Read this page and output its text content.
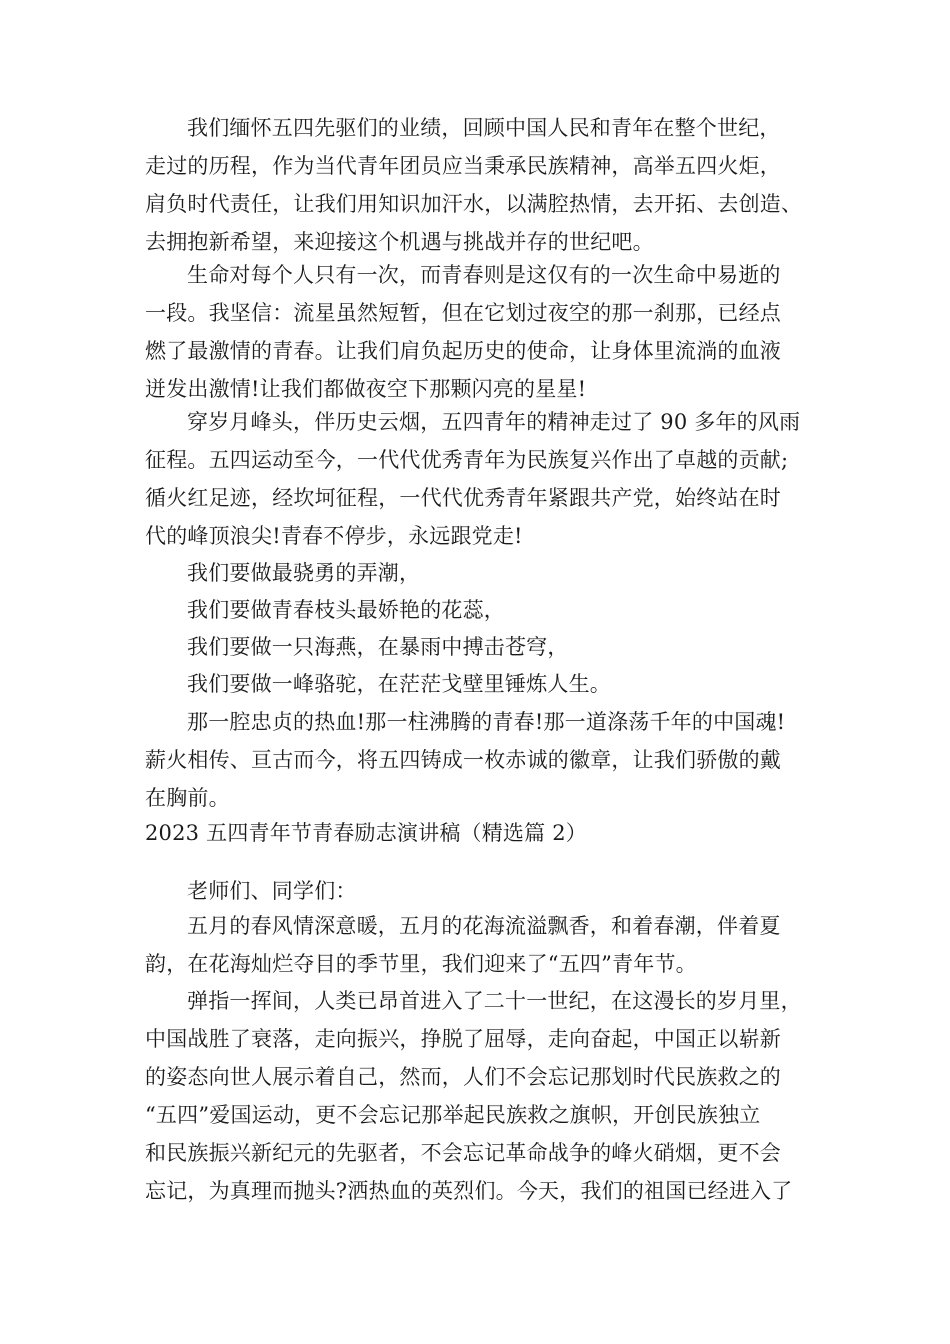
我们缅怀五四先驱们的业绩，回顾中国人民和青年在整个世纪，
走过的历程，作为当代青年团员应当秉承民族精神，高举五四火炬，
肩负时代责任，让我们用知识加汗水，以满腔热情，去开拓、去创造、
去拥抱新希望，来迎接这个机遇与挑战并存的世纪吧。
生命对每个人只有一次，而青春则是这仅有的一次生命中易逝的
一段。我坚信：流星虽然短暂，但在它划过夜空的那一刹那，已经点
燃了最激情的青春。让我们肩负起历史的使命，让身体里流淌的血液
迸发出激情!让我们都做夜空下那颗闪亮的星星!
穿岁月峰头，伴历史云烟，五四青年的精神走过了 90 多年的风雨
征程。五四运动至今，一代代优秀青年为民族复兴作出了卓越的贡献;
循火红足迹，经坎坷征程，一代代优秀青年紧跟共产党，始终站在时
代的峰顶浪尖!青春不停步，永远跟党走!
我们要做最骁勇的弄潮，
我们要做青春枝头最娇艳的花蕊，
我们要做一只海燕，在暴雨中搏击苍穹，
我们要做一峰骆驼，在茫茫戈壁里锤炼人生。
那一腔忠贞的热血!那一柱沸腾的青春!那一道涤荡千年的中国魂!
薪火相传、亘古而今，将五四铸成一枚赤诚的徽章，让我们骄傲的戴
在胸前。
2023 五四青年节青春励志演讲稿（精选篇 2）
老师们、同学们：
五月的春风情深意暖，五月的花海流溢飘香，和着春潮，伴着夏
韵，在花海灿烂夺目的季节里，我们迎来了“五四”青年节。
弹指一挥间，人类已昂首进入了二十一世纪，在这漫长的岁月里，
中国战胜了衰落，走向振兴，挣脱了屈辱，走向奋起，中国正以崭新
的姿态向世人展示着自己，然而，人们不会忘记那划时代民族救之的
“五四”爱国运动，更不会忘记那举起民族救之旗帜，开创民族独立
和民族振兴新纪元的先驱者，不会忘记革命战争的峰火硝烟，更不会
忘记，为真理而抛头?洒热血的英烈们。今天，我们的祖国已经进入了
